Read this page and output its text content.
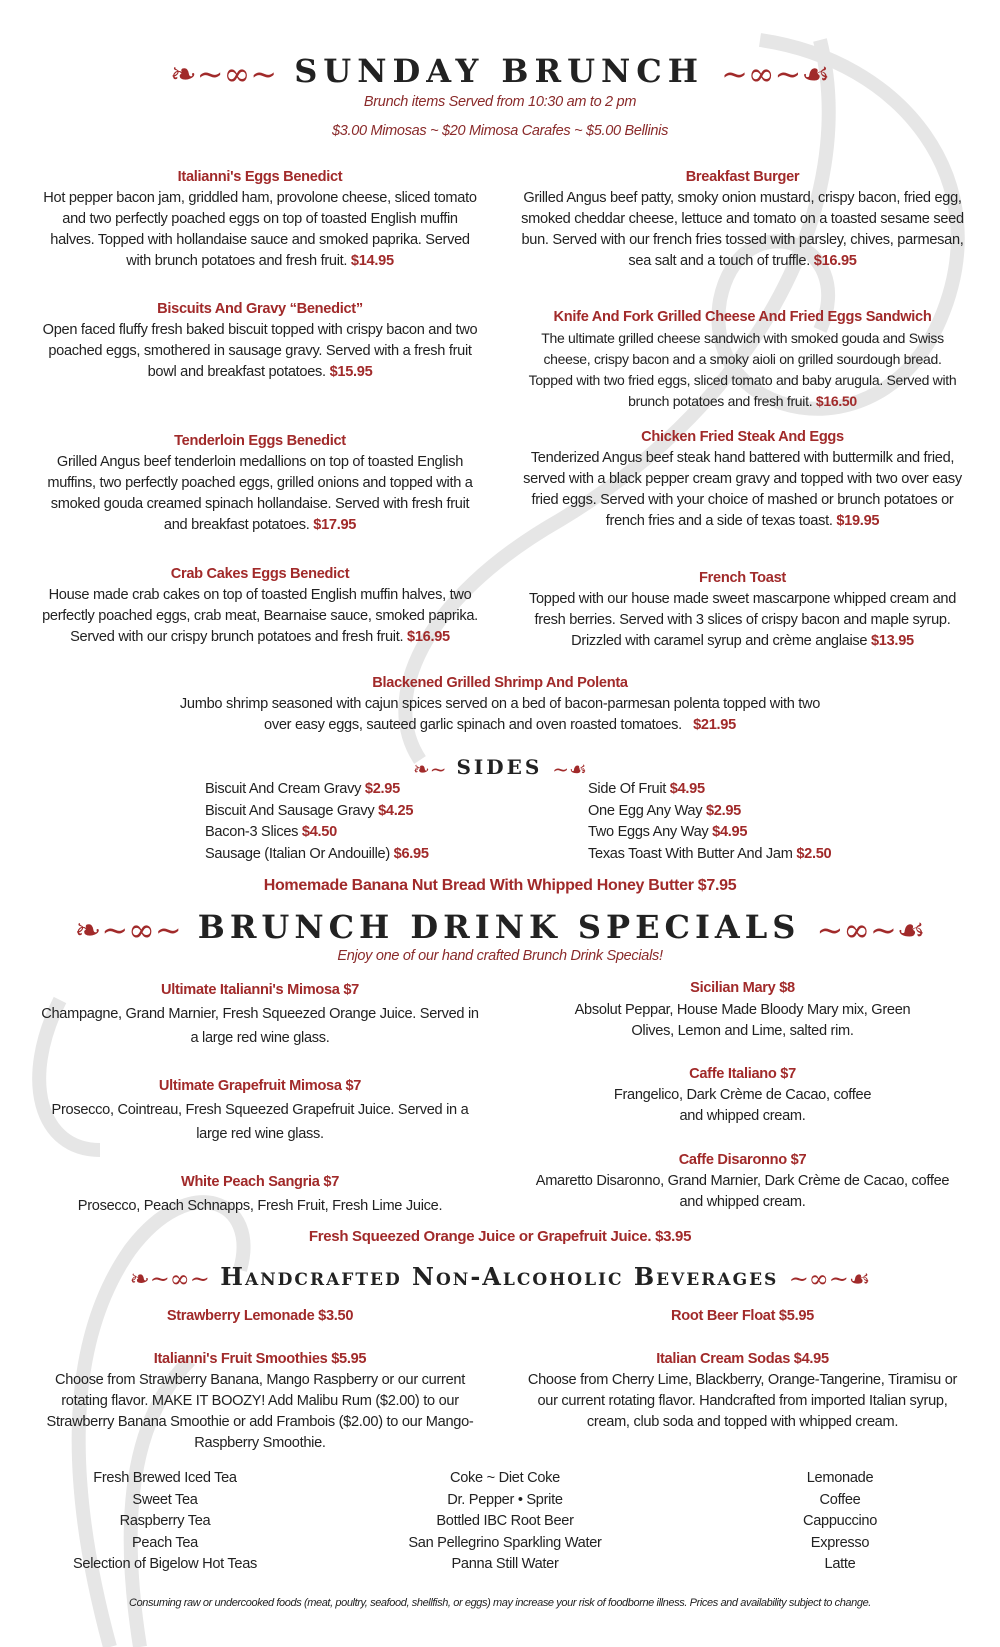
❧~∞~ SUNDAY BRUNCH ~∞~☙
Brunch items Served from 10:30 am to 2 pm
$3.00 Mimosas ~ $20 Mimosa Carafes ~ $5.00 Bellinis
Italianni's Eggs Benedict
Hot pepper bacon jam, griddled ham, provolone cheese, sliced tomato and two perfectly poached eggs on top of toasted English muffin halves. Topped with hollandaise sauce and smoked paprika. Served with brunch potatoes and fresh fruit. $14.95
Biscuits And Gravy “Benedict”
Open faced fluffy fresh baked biscuit topped with crispy bacon and two poached eggs, smothered in sausage gravy. Served with a fresh fruit bowl and breakfast potatoes. $15.95
Tenderloin Eggs Benedict
Grilled Angus beef tenderloin medallions on top of toasted English muffins, two perfectly poached eggs, grilled onions and topped with a smoked gouda creamed spinach hollandaise. Served with fresh fruit and breakfast potatoes. $17.95
Crab Cakes Eggs Benedict
House made crab cakes on top of toasted English muffin halves, two perfectly poached eggs, crab meat, Bearnaise sauce, smoked paprika. Served with our crispy brunch potatoes and fresh fruit. $16.95
Breakfast Burger
Grilled Angus beef patty, smoky onion mustard, crispy bacon, fried egg, smoked cheddar cheese, lettuce and tomato on a toasted sesame seed bun. Served with our french fries tossed with parsley, chives, parmesan, sea salt and a touch of truffle. $16.95
Knife And Fork Grilled Cheese And Fried Eggs Sandwich
The ultimate grilled cheese sandwich with smoked gouda and Swiss cheese, crispy bacon and a smoky aioli on grilled sourdough bread. Topped with two fried eggs, sliced tomato and baby arugula. Served with brunch potatoes and fresh fruit. $16.50
Chicken Fried Steak And Eggs
Tenderized Angus beef steak hand battered with buttermilk and fried, served with a black pepper cream gravy and topped with two over easy fried eggs. Served with your choice of mashed or brunch potatoes or french fries and a side of texas toast. $19.95
French Toast
Topped with our house made sweet mascarpone whipped cream and fresh berries. Served with 3 slices of crispy bacon and maple syrup. Drizzled with caramel syrup and crème anglaise $13.95
Blackened Grilled Shrimp And Polenta
Jumbo shrimp seasoned with cajun spices served on a bed of bacon-parmesan polenta topped with two over easy eggs, sauteed garlic spinach and oven roasted tomatoes. $21.95
❧~ SIDES ~☙
Biscuit And Cream Gravy $2.95
Biscuit And Sausage Gravy $4.25
Bacon-3 Slices $4.50
Sausage (Italian Or Andouille) $6.95
Side Of Fruit $4.95
One Egg Any Way $2.95
Two Eggs Any Way $4.95
Texas Toast With Butter And Jam $2.50
Homemade Banana Nut Bread With Whipped Honey Butter $7.95
❧~∞~ BRUNCH DRINK SPECIALS ~∞~☙
Enjoy one of our hand crafted Brunch Drink Specials!
Ultimate Italianni's Mimosa $7
Champagne, Grand Marnier, Fresh Squeezed Orange Juice. Served in a large red wine glass.
Ultimate Grapefruit Mimosa $7
Prosecco, Cointreau, Fresh Squeezed Grapefruit Juice. Served in a large red wine glass.
White Peach Sangria $7
Prosecco, Peach Schnapps, Fresh Fruit, Fresh Lime Juice.
Sicilian Mary $8
Absolut Peppar, House Made Bloody Mary mix, Green Olives, Lemon and Lime, salted rim.
Caffe Italiano $7
Frangelico, Dark Crème de Cacao, coffee and whipped cream.
Caffe Disaronno $7
Amaretto Disaronno, Grand Marnier, Dark Crème de Cacao, coffee and whipped cream.
Fresh Squeezed Orange Juice or Grapefruit Juice. $3.95
❧~∞~ Handcrafted Non-Alcoholic Beverages ~∞~☙
Strawberry Lemonade $3.50
Italianni's Fruit Smoothies $5.95
Choose from Strawberry Banana, Mango Raspberry or our current rotating flavor. MAKE IT BOOZY! Add Malibu Rum ($2.00) to our Strawberry Banana Smoothie or add Frambois ($2.00) to our Mango-Raspberry Smoothie.
Root Beer Float $5.95
Italian Cream Sodas $4.95
Choose from Cherry Lime, Blackberry, Orange-Tangerine, Tiramisu or our current rotating flavor. Handcrafted from imported Italian syrup, cream, club soda and topped with whipped cream.
Fresh Brewed Iced Tea
Sweet Tea
Raspberry Tea
Peach Tea
Selection of Bigelow Hot Teas
Coke ~ Diet Coke
Dr. Pepper • Sprite
Bottled IBC Root Beer
San Pellegrino Sparkling Water
Panna Still Water
Lemonade
Coffee
Cappuccino
Expresso
Latte
Consuming raw or undercooked foods (meat, poultry, seafood, shellfish, or eggs) may increase your risk of foodborne illness. Prices and availability subject to change.
